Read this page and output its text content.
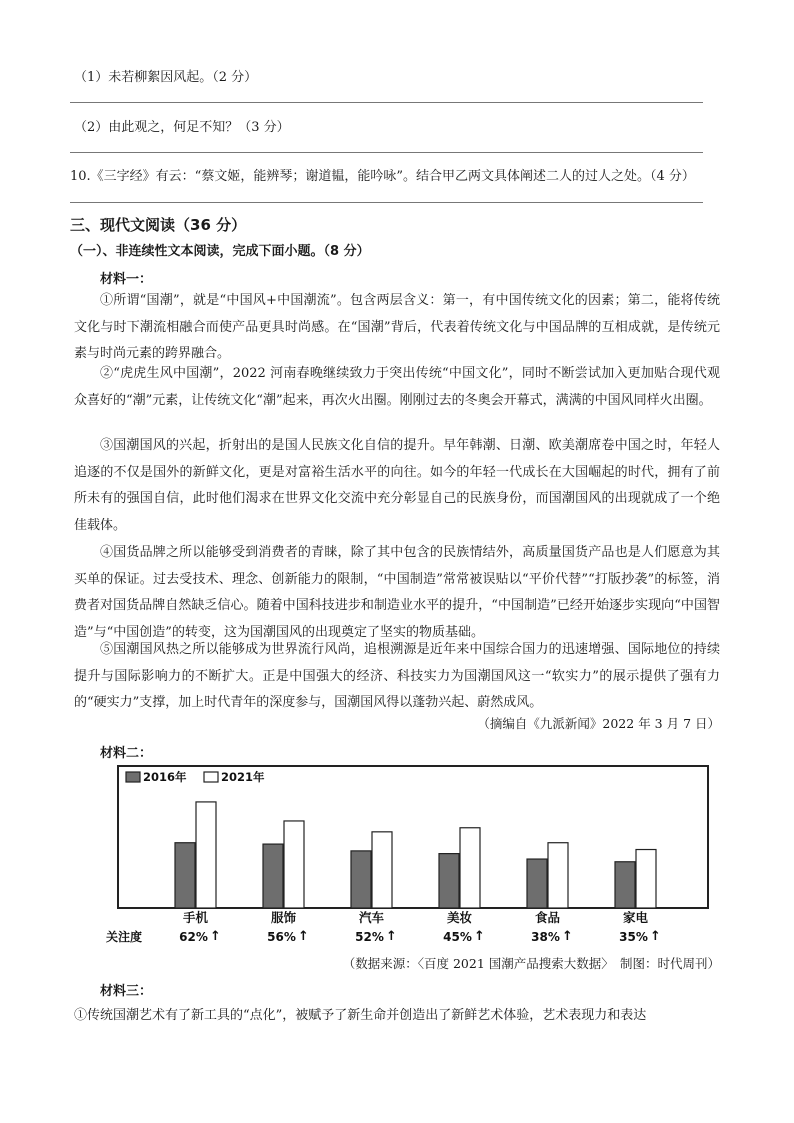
（1）未若柳絮因风起。（2 分）
（2）由此观之，何足不知？（3 分）
10.《三字经》有云：“蔡文姬，能辨琴；谢道韫，能吟咏”。结合甲乙两文具体阐述二人的过人之处。（4 分）
三、现代文阅读（36 分）
（一）、非连续性文本阅读，完成下面小题。（8 分）
材料一：
①所谓“国潮”，就是“中国风+中国潮流”。包含两层含义：第一，有中国传统文化的因素；第二，能将传统文化与时下潮流相融合而使产品更具时尚感。在“国潮”背后，代表着传统文化与中国品牌的互相成就，是传统元素与时尚元素的跨界融合。
②“虎虎生风中国潮”，2022 河南春晚继续致力于突出传统“中国文化”，同时不断尝试加入更加贴合现代观众喜好的“潮”元素，让传统文化“潮”起来，再次火出圈。刚刚过去的冬奥会开幕式，满满的中国风同样火出圈。
③国潮国风的兴起，折射出的是国人民族文化自信的提升。早年韩潮、日潮、欧美潮席卷中国之时，年轻人追逐的不仅是国外的新鲜文化，更是对富裕生活水平的向往。如今的年轻一代成长在大国崛起的时代，拥有了前所未有的强国自信，此时他们渴求在世界文化交流中充分彰显自己的民族身份，而国潮国风的出现就成了一个绝佳载体。
④国货品牌之所以能够受到消费者的青睐，除了其中包含的民族情结外，高质量国货产品也是人们愿意为其买单的保证。过去受技术、理念、创新能力的限制，“中国制造”常常被误贴以“平价代替”“打版抄袭”的标签，消费者对国货品牌自然缺乏信心。随着中国科技进步和制造业水平的提升，“中国制造”已经开始逐步实现向“中国智造”与“中国创造”的转变，这为国潮国风的出现奠定了坚实的物质基础。
⑤国潮国风热之所以能够成为世界流行风尚，追根溯源是近年来中国综合国力的迅速增强、国际地位的持续提升与国际影响力的不断扩大。正是中国强大的经济、科技实力为国潮国风这一“软实力”的展示提供了强有力的“硬实力”支撑，加上时代青年的深度参与，国潮国风得以蓬勃兴起、蔚然成风。
（摘编自《九派新闻》2022 年 3 月 7 日）
材料二：
手机
62% ↑
服饰
56% ↑
汽车
52% ↑
美妆
45% ↑
食品
38% ↑
家电
35% ↑
关注度
2016年	2021年
（数据来源：〈百度 2021 国潮产品搜索大数据〉　制图：时代周刊）
材料三：
①传统国潮艺术有了新工具的“点化”，被赋予了新生命并创造出了新鲜艺术体验，艺术表现力和表达
